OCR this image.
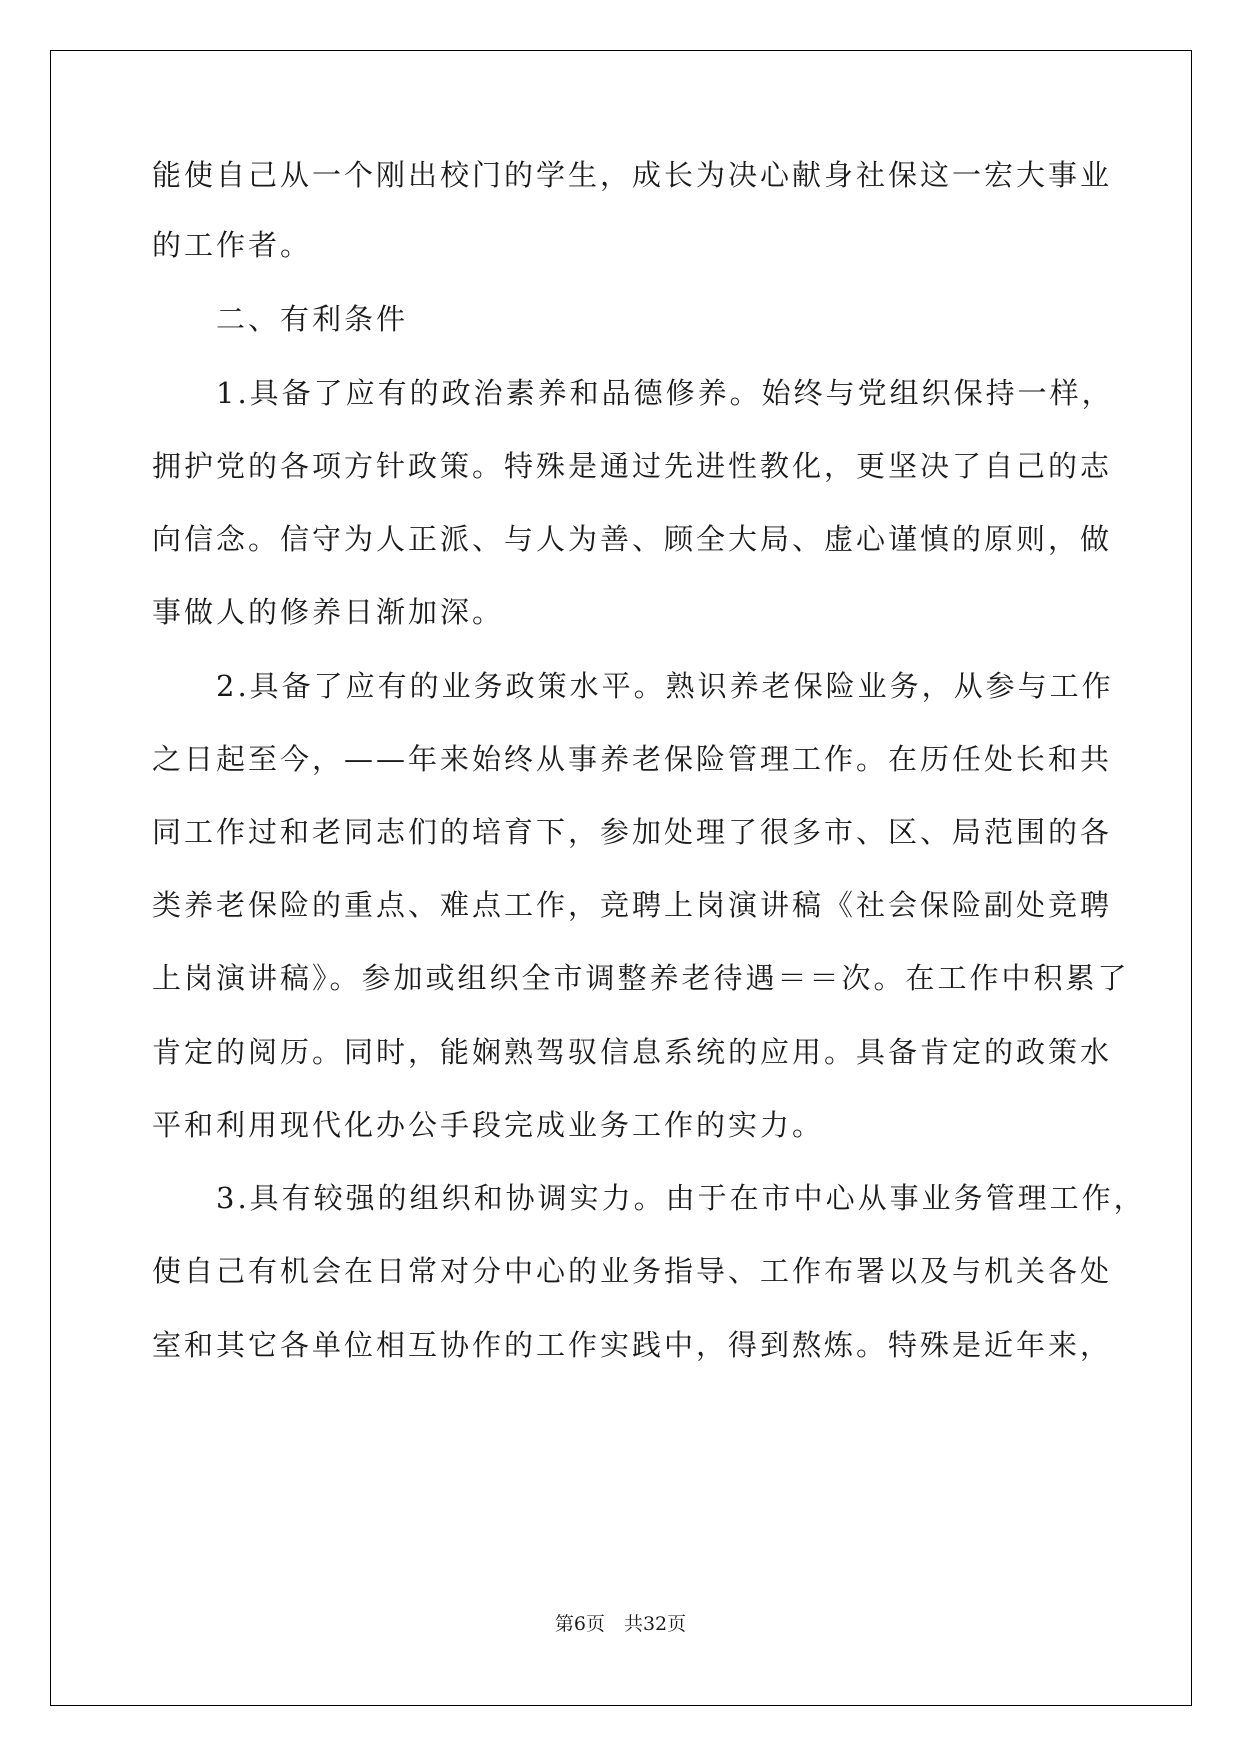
能使自己从一个刚出校门的学生，成长为决心献身社保这一宏大事业
的工作者。
　　二、有利条件
　　1.具备了应有的政治素养和品德修养。始终与党组织保持一样，
拥护党的各项方针政策。特殊是通过先进性教化，更坚决了自己的志
向信念。信守为人正派、与人为善、顾全大局、虚心谨慎的原则，做
事做人的修养日渐加深。
　　2.具备了应有的业务政策水平。熟识养老保险业务，从参与工作
之日起至今，——年来始终从事养老保险管理工作。在历任处长和共
同工作过和老同志们的培育下，参加处理了很多市、区、局范围的各
类养老保险的重点、难点工作，竞聘上岗演讲稿《社会保险副处竞聘
上岗演讲稿》。参加或组织全市调整养老待遇＝＝次。在工作中积累了
肯定的阅历。同时，能娴熟驾驭信息系统的应用。具备肯定的政策水
平和利用现代化办公手段完成业务工作的实力。
　　3.具有较强的组织和协调实力。由于在市中心从事业务管理工作，
使自己有机会在日常对分中心的业务指导、工作布署以及与机关各处
室和其它各单位相互协作的工作实践中，得到熬炼。特殊是近年来，
第6页　共32页
